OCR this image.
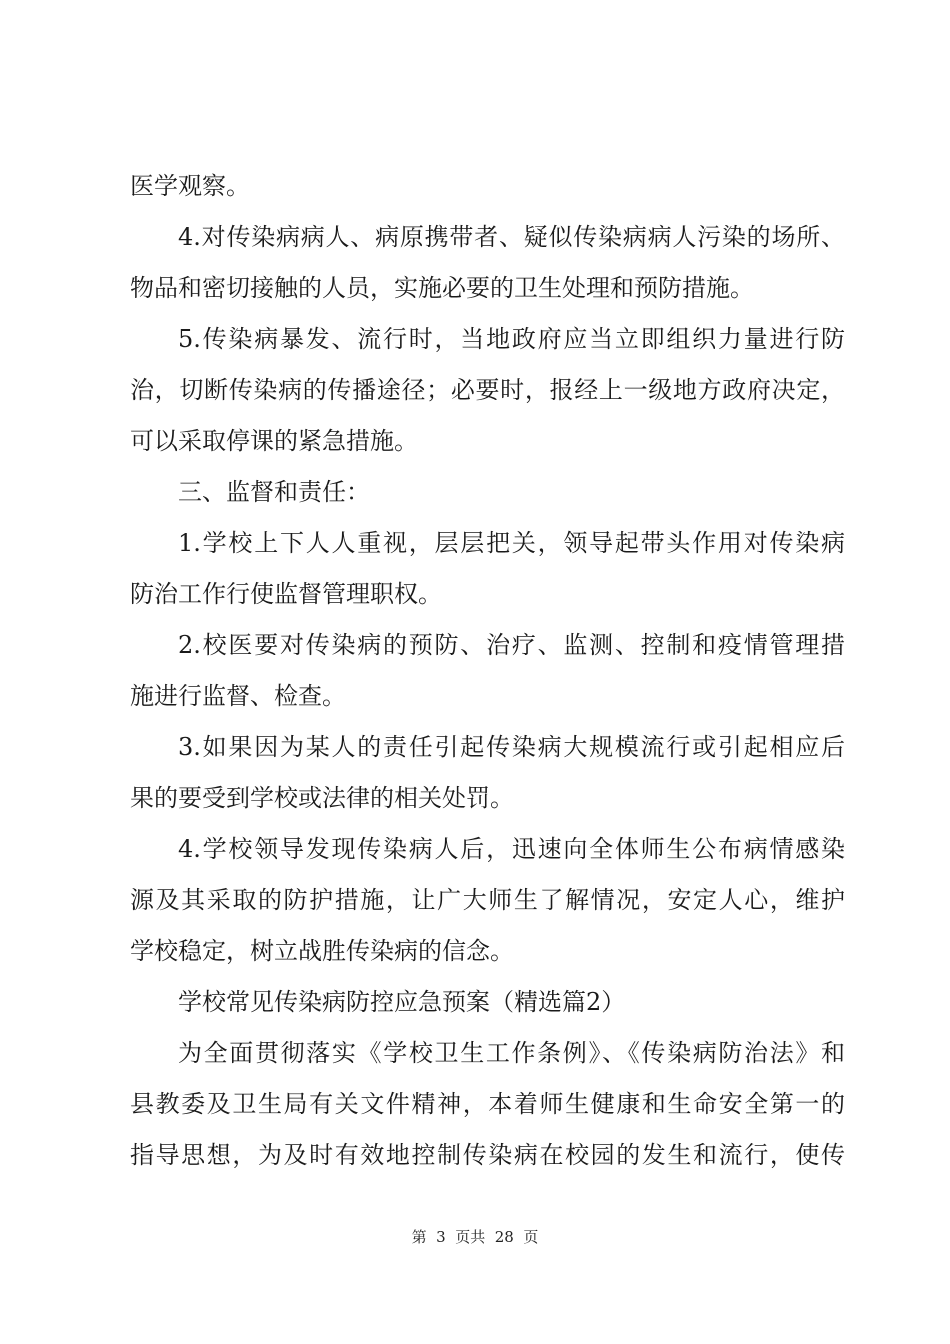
医学观察。
4.对传染病病人、病原携带者、疑似传染病病人污染的场所、
物品和密切接触的人员，实施必要的卫生处理和预防措施。
5.传染病暴发、流行时，当地政府应当立即组织力量进行防
治，切断传染病的传播途径；必要时，报经上一级地方政府决定，
可以采取停课的紧急措施。
三、监督和责任：
1.学校上下人人重视，层层把关，领导起带头作用对传染病
防治工作行使监督管理职权。
2.校医要对传染病的预防、治疗、监测、控制和疫情管理措
施进行监督、检查。
3.如果因为某人的责任引起传染病大规模流行或引起相应后
果的要受到学校或法律的相关处罚。
4.学校领导发现传染病人后，迅速向全体师生公布病情感染
源及其采取的防护措施，让广大师生了解情况，安定人心，维护
学校稳定，树立战胜传染病的信念。
学校常见传染病防控应急预案（精选篇2）
为全面贯彻落实《学校卫生工作条例》、《传染病防治法》和
县教委及卫生局有关文件精神，本着师生健康和生命安全第一的
指导思想，为及时有效地控制传染病在校园的发生和流行，使传
第  3  页共  28  页
